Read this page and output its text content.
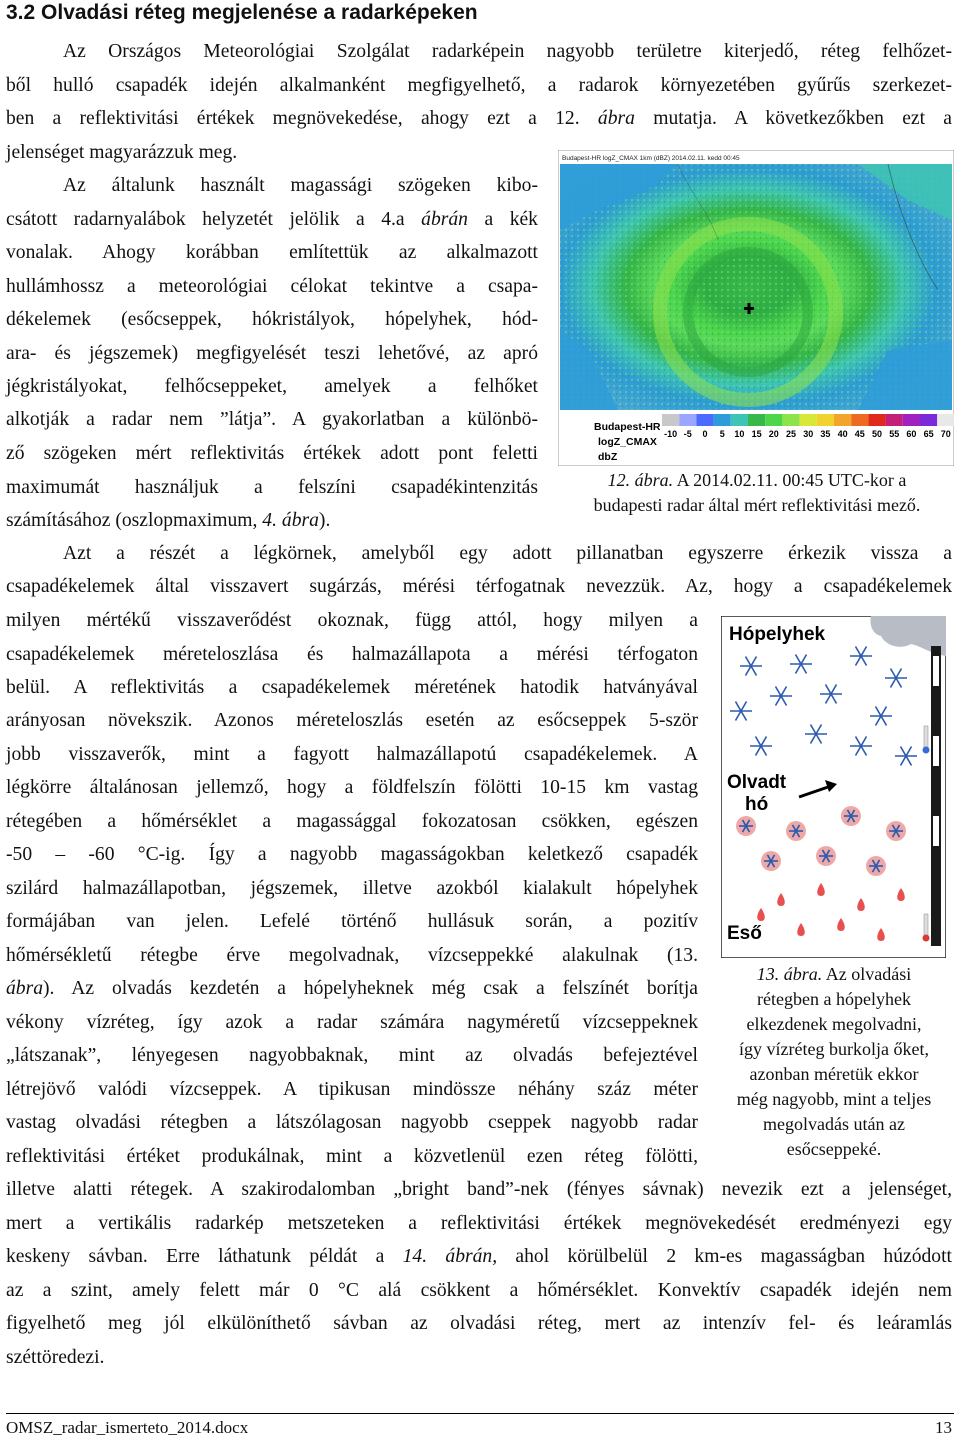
3.2 Olvadási réteg megjelenése a radarképeken
Az Országos Meteorológiai Szolgálat radarképein nagyobb területre kiterjedő, réteg felhőzet-
ből hulló csapadék idején alkalmanként megfigyelhető, a radarok környezetében gyűrűs szerkezet-
ben a reflektivitási értékek megnövekedése, ahogy ezt a 12. ábra mutatja. A következőkben ezt a
jelenséget magyarázzuk meg.
Az általunk használt magassági szögeken kibo-
csátott radarnyalábok helyzetét jelölik a 4.a ábrán a kék
vonalak. Ahogy korábban említettük az alkalmazott
hullámhossz a meteorológiai célokat tekintve a csapa-
dékelemek (esőcseppek, hókristályok, hópelyhek, hód-
ara- és jégszemek) megfigyelését teszi lehetővé, az apró
jégkristályokat, felhőcseppeket, amelyek a felhőket
alkotják a radar nem ”látja”. A gyakorlatban a különbö-
ző szögeken mért reflektivitás értékek adott pont feletti
maximumát használjuk a felszíni csapadékintenzitás
számításához (oszlopmaximum, 4. ábra).
Budapest-HR logZ_CMAX 1km (dBZ) 2014.02.11. kedd 00:45
Budapest-HR
logZ_CMAX
dbZ
-10 -5 0 5 10 15 20 25 30 35 40 45 50 55 60 65 70
12. ábra. A 2014.02.11. 00:45 UTC-kor a
budapesti radar által mért reflektivitási mező.
Azt a részét a légkörnek, amelyből egy adott pillanatban egyszerre érkezik vissza a
csapadékelemek által visszavert sugárzás, mérési térfogatnak nevezzük. Az, hogy a csapadékelemek
milyen mértékű visszaverődést okoznak, függ attól, hogy milyen a
csapadékelemek méreteloszlása és halmazállapota a mérési térfogaton
belül. A reflektivitás a csapadékelemek méretének hatodik hatványával
arányosan növekszik. Azonos méreteloszlás esetén az esőcseppek 5-ször
jobb visszaverők, mint a fagyott halmazállapotú csapadékelemek. A
légkörre általánosan jellemző, hogy a földfelszín fölötti 10-15 km vastag
rétegében a hőmérséklet a magassággal fokozatosan csökken, egészen
-50 – -60 °C-ig. Így a nagyobb magasságokban keletkező csapadék
szilárd halmazállapotban, jégszemek, illetve azokból kialakult hópelyhek
formájában van jelen. Lefelé történő hullásuk során, a pozitív
hőmérsékletű rétegbe érve megolvadnak, vízcseppekké alakulnak (13.
ábra). Az olvadás kezdetén a hópelyheknek még csak a felszínét borítja
vékony vízréteg, így azok a radar számára nagyméretű vízcseppeknek
„látszanak”, lényegesen nagyobbaknak, mint az olvadás befejeztével
létrejövő valódi vízcseppek. A tipikusan mindössze néhány száz méter
vastag olvadási rétegben a látszólagosan nagyobb cseppek nagyobb radar
reflektivitási értéket produkálnak, mint a közvetlenül ezen réteg fölötti,
illetve alatti rétegek. A szakirodalomban „bright band”-nek (fényes sávnak) nevezik ezt a jelenséget,
mert a vertikális radarkép metszeteken a reflektivitási értékek megnövekedését eredményezi egy
keskeny sávban. Erre láthatunk példát a 14. ábrán, ahol körülbelül 2 km-es magasságban húzódott
az a szint, amely felett már 0 °C alá csökkent a hőmérséklet. Konvektív csapadék idején nem
figyelhető meg jól elkülöníthető sávban az olvadási réteg, mert az intenzív fel- és leáramlás
széttöredezi.
Hópelyhek
Olvadt
hó
Eső
13. ábra. Az olvadási
rétegben a hópelyhek
elkezdenek megolvadni,
így vízréteg burkolja őket,
azonban méretük ekkor
még nagyobb, mint a teljes
megolvadás után az
esőcseppeké.
OMSZ_radar_ismerteto_2014.docx	13
